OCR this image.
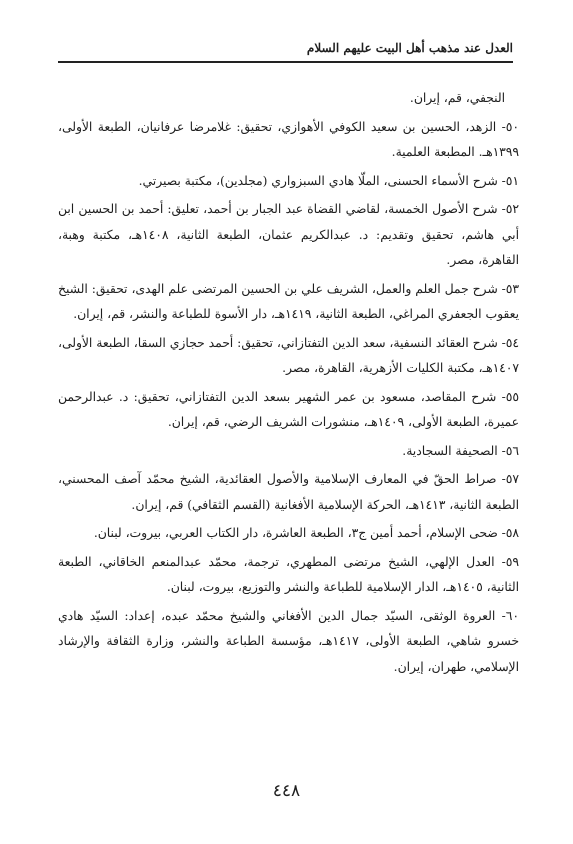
العدل عند مذهب أهل البيت عليهم السلام

النجفي، قم، إيران.

٥٠- الزهد، الحسين بن سعيد الكوفي الأهوازي، تحقيق: غلامرضا عرفانيان، الطبعة الأولى، ١٣٩٩هـ. المطبعة العلمية.

٥١- شرح الأسماء الحسنى، الملّا هادي السبزواري (مجلدين)، مكتبة بصيرتي.

٥٢- شرح الأصول الخمسة، لقاضي القضاة عبد الجبار بن أحمد، تعليق: أحمد بن الحسين ابن أبي هاشم، تحقيق وتقديم: د. عبدالكريم عثمان، الطبعة الثانية، ١٤٠٨هـ، مكتبة وهبة، القاهرة، مصر.

٥٣- شرح جمل العلم والعمل، الشريف علي بن الحسين المرتضى علم الهدى، تحقيق: الشيخ يعقوب الجعفري المراغي، الطبعة الثانية، ١٤١٩هـ، دار الأسوة للطباعة والنشر، قم، إيران.

٥٤- شرح العقائد النسفية، سعد الدين التفتازاني، تحقيق: أحمد حجازي السقا، الطبعة الأولى، ١٤٠٧هـ، مكتبة الكليات الأزهرية، القاهرة، مصر.

٥٥- شرح المقاصد، مسعود بن عمر الشهير بسعد الدين التفتازاني، تحقيق: د. عبدالرحمن عميرة، الطبعة الأولى، ١٤٠٩هـ، منشورات الشريف الرضي، قم، إيران.

٥٦- الصحيفة السجادية.

٥٧- صراط الحقّ في المعارف الإسلامية والأصول العقائدية، الشيخ محمّد آصف المحسني، الطبعة الثانية، ١٤١٣هـ، الحركة الإسلامية الأفغانية (القسم الثقافي) قم، إيران.

٥٨- ضحى الإسلام، أحمد أمين ج٣، الطبعة العاشرة، دار الكتاب العربي، بيروت، لبنان.

٥٩- العدل الإلهي، الشيخ مرتضى المطهري، ترجمة، محمّد عبدالمنعم الخاقاني، الطبعة الثانية، ١٤٠٥هـ، الدار الإسلامية للطباعة والنشر والتوزيع، بيروت، لبنان.

٦٠- العروة الوثقى، السيّد جمال الدين الأفغاني والشيخ محمّد عبده، إعداد: السيّد هادي خسرو شاهي، الطبعة الأولى، ١٤١٧هـ، مؤسسة الطباعة والنشر، وزارة الثقافة والإرشاد الإسلامي، طهران، إيران.

٤٤٨
